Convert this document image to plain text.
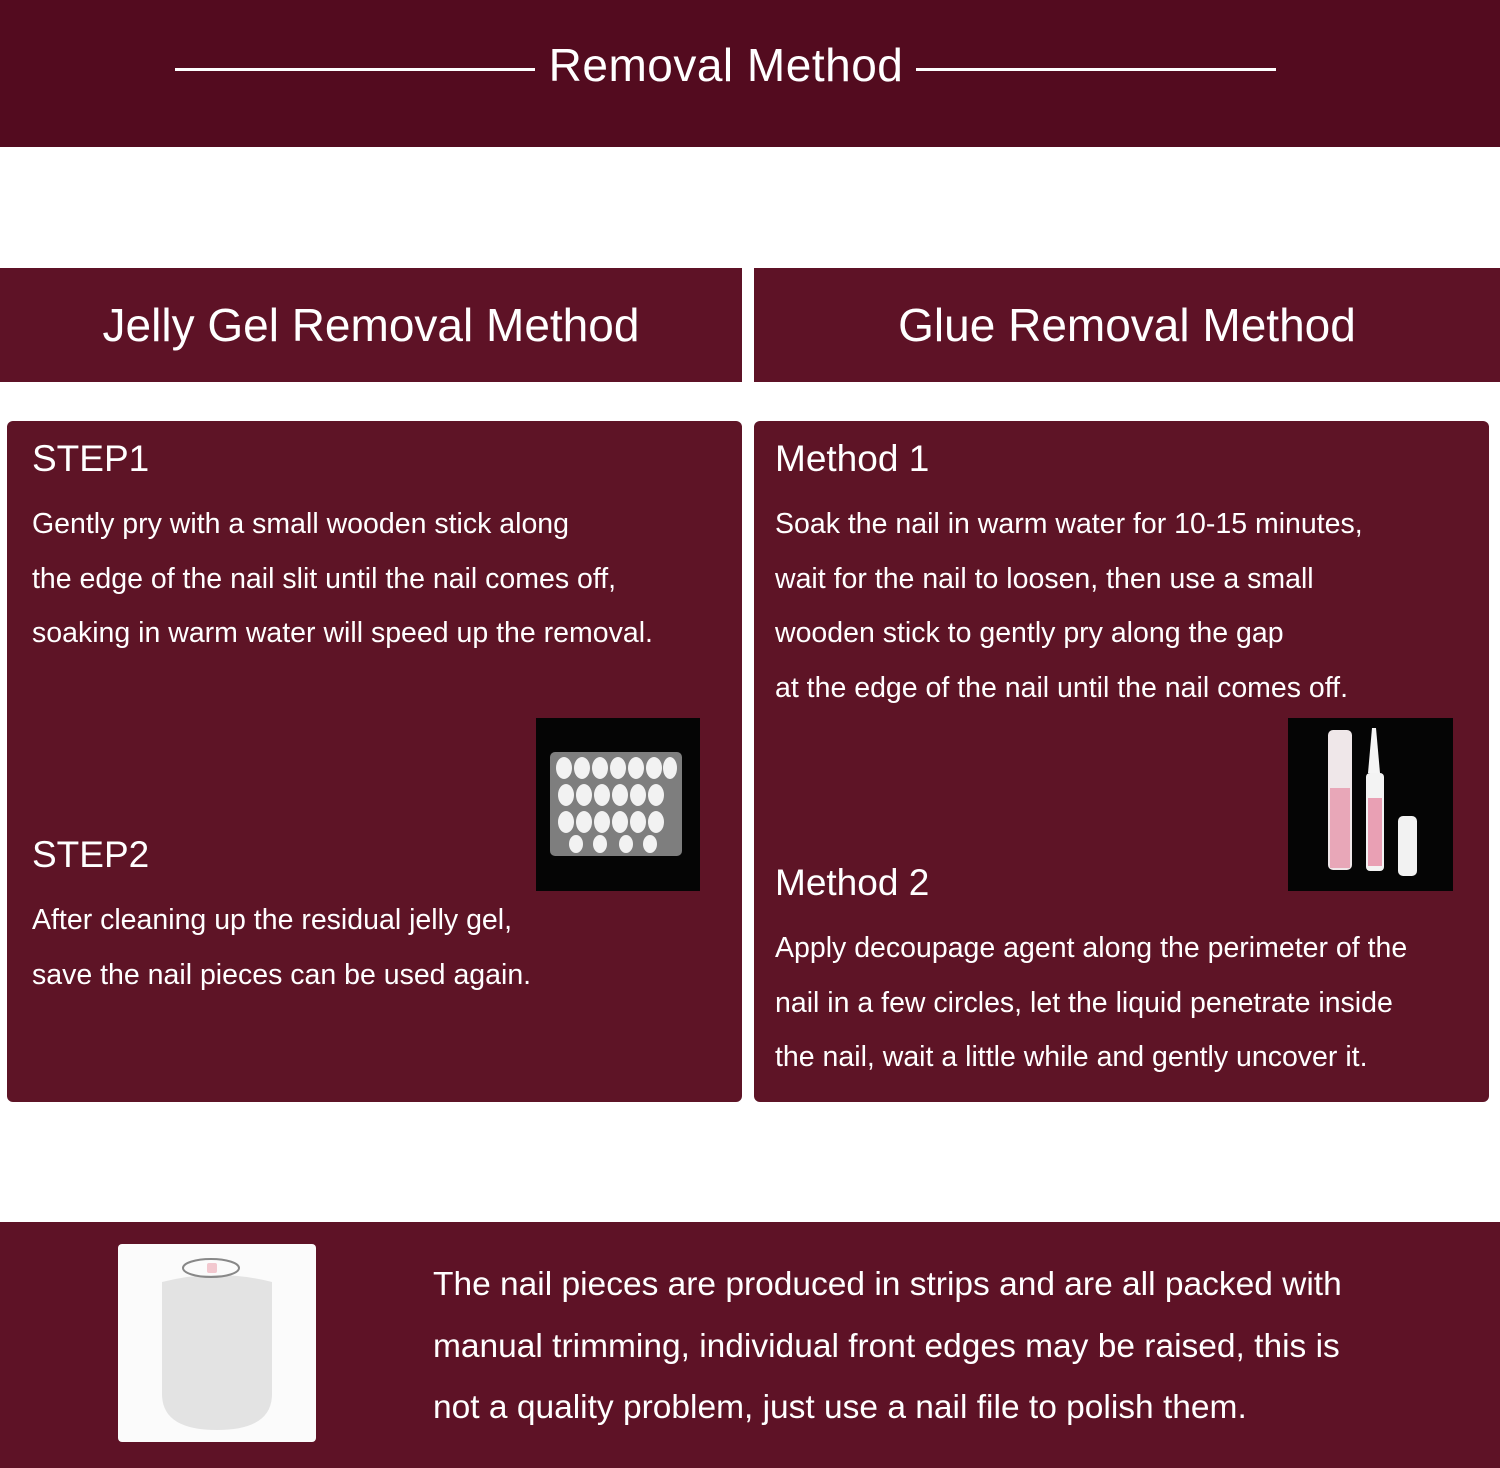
Removal Method
Jelly Gel Removal Method	Glue Removal Method
STEP1
Gently pry with a small wooden stick along
the edge of the nail slit until the nail comes off,
soaking in warm water will speed up the removal.
STEP2
After cleaning up the residual jelly gel,
save the nail pieces can be used again.
Method 1
Soak the nail in warm water for 10-15 minutes,
wait for the nail to loosen, then use a small
wooden stick to gently pry along the gap
at the edge of the nail until the nail comes off.
Method 2
Apply decoupage agent along the perimeter of the
nail in a few circles, let the liquid penetrate inside
the nail, wait a little while and gently uncover it.
The nail pieces are produced in strips and are all packed with
manual trimming, individual front edges may be raised, this is
not a quality problem, just use a nail file to polish them.
